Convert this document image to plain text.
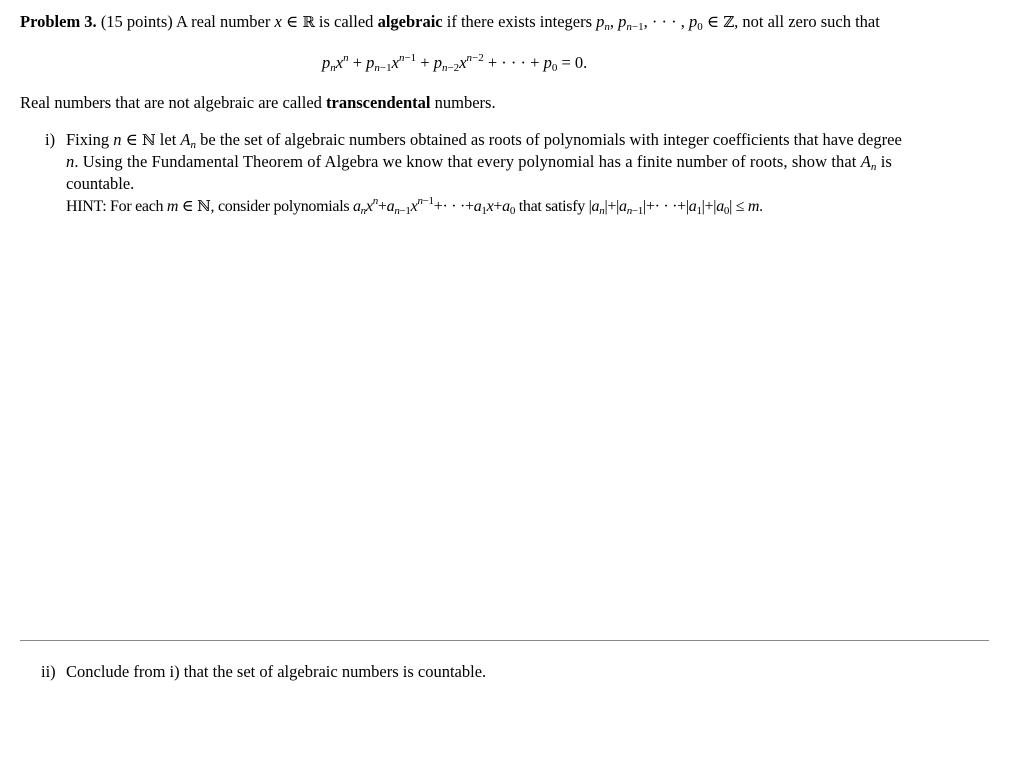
Problem 3. (15 points) A real number x ∈ ℝ is called algebraic if there exists integers $p_n$, $p_{n-1}$, · · · , $p_0$ ∈ ℤ, not all zero such that
$p_nx^n + p_{n-1}x^{n-1} + p_{n-2}x^{n-2}$ + · · · + $p_0 = 0$.
Real numbers that are not algebraic are called transcendental numbers.
i) Fixing n ∈ ℕ let $A_n$ be the set of algebraic numbers obtained as roots of polynomials with integer coefficients that have degree
n. Using the Fundamental Theorem of Algebra we know that every polynomial has a finite number of roots, show that $A_n$ is
countable.
HINT: For each m ∈ ℕ, consider polynomials $a_nx^n+a_{n-1}x^{n-1}+\cdot \cdot \cdot+a_1x+a_0$ that satisfy $|a_n|+|a_{n-1}|+\cdot \cdot \cdot+|a_1|+|a_0| \le m$.
ii) Conclude from i) that the set of algebraic numbers is countable.
